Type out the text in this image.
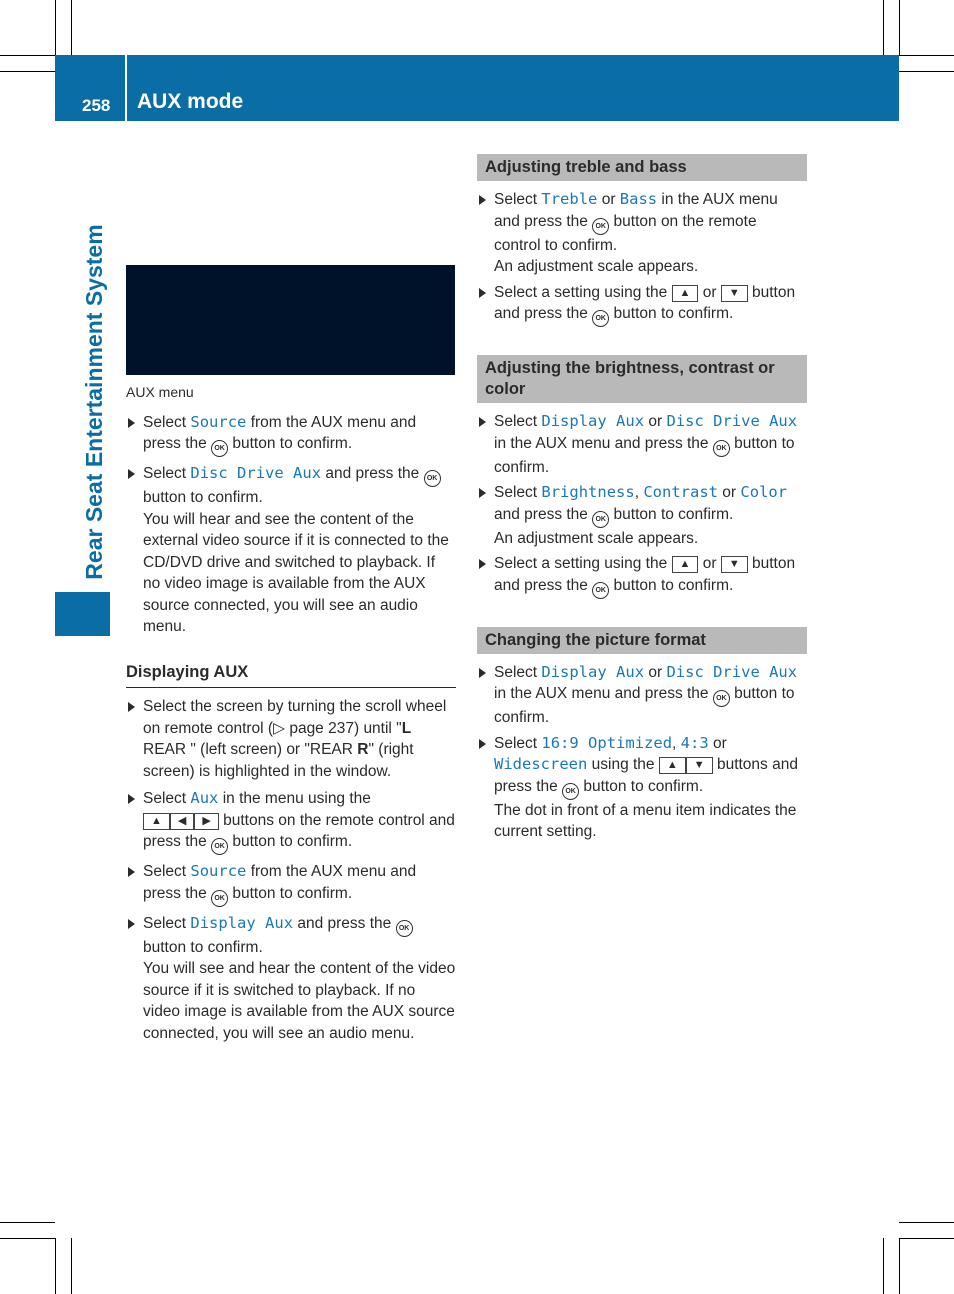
258 AUX mode
Rear Seat Entertainment System AUX menu
Select Source from the AUX menu and press the OK button to confirm.
Select Disc Drive Aux and press the OK button to confirm.
You will hear and see the content of the external video source if it is connected to the CD/DVD drive and switched to playback. If no video image is available from the AUX source connected, you will see an audio menu.
Displaying AUX
Select the screen by turning the scroll wheel on remote control (▷ page 237) until "L REAR " (left screen) or "REAR R" (right screen) is highlighted in the window.
Select Aux in the menu using the
▲ ◀ ▶ buttons on the remote control and press the OK button to confirm.
Select Source from the AUX menu and press the OK button to confirm.
Select Display Aux and press the OK button to confirm.
You will see and hear the content of the video source if it is switched to playback. If no video image is available from the AUX source connected, you will see an audio menu.
Adjusting treble and bass
Select Treble or Bass in the AUX menu and press the OK button on the remote control to confirm.
An adjustment scale appears.
Select a setting using the ▲ or ▼ button and press the OK button to confirm.
Adjusting the brightness, contrast or color
Select Display Aux or Disc Drive Aux in the AUX menu and press the OK button to confirm.
Select Brightness, Contrast or Color and press the OK button to confirm.
An adjustment scale appears.
Select a setting using the ▲ or ▼ button and press the OK button to confirm.
Changing the picture format
Select Display Aux or Disc Drive Aux in the AUX menu and press the OK button to confirm.
Select 16:9 Optimized, 4:3 or Widescreen using the ▲ ▼ buttons and press the OK button to confirm.
The dot in front of a menu item indicates the current setting.
